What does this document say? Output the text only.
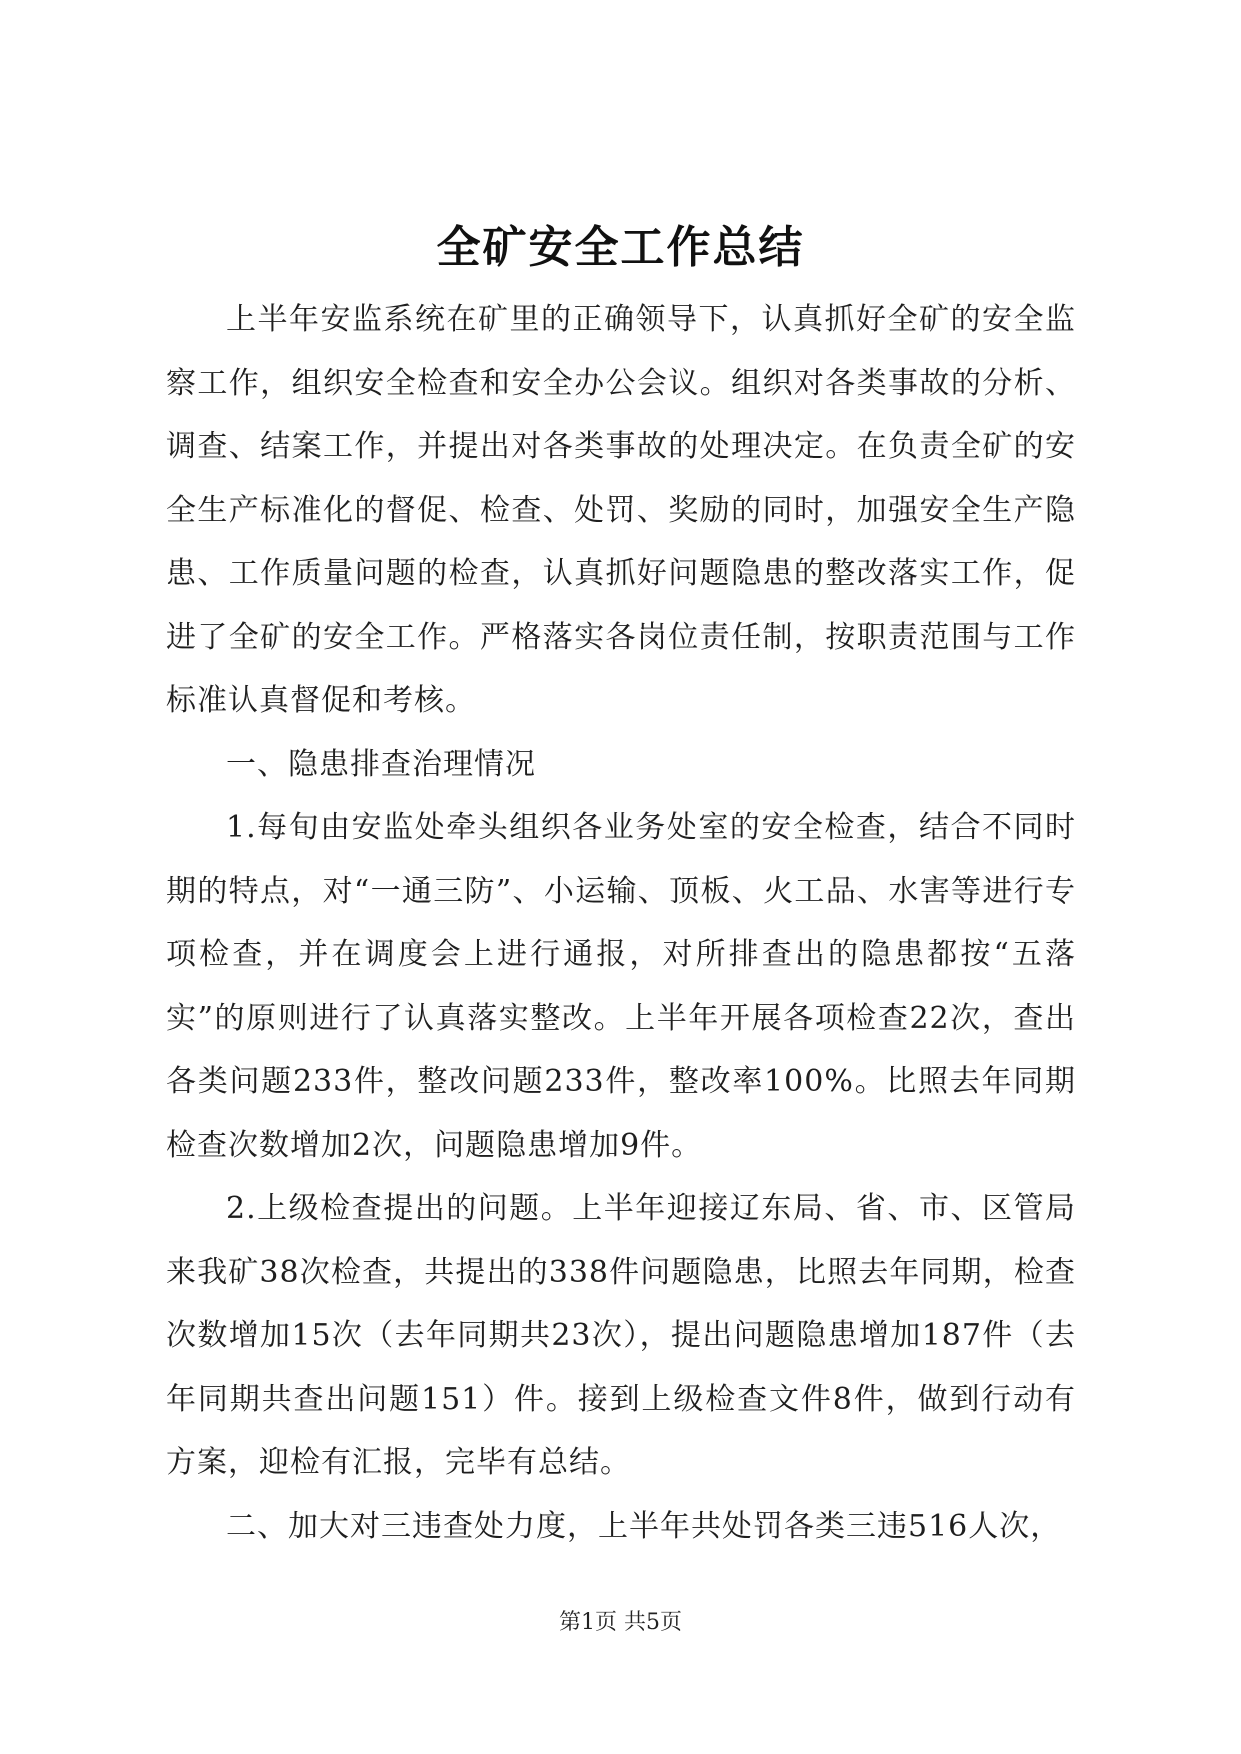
全矿安全工作总结

上半年安监系统在矿里的正确领导下，认真抓好全矿的安全监察工作，组织安全检查和安全办公会议。组织对各类事故的分析、调查、结案工作，并提出对各类事故的处理决定。在负责全矿的安全生产标准化的督促、检查、处罚、奖励的同时，加强安全生产隐患、工作质量问题的检查，认真抓好问题隐患的整改落实工作，促进了全矿的安全工作。严格落实各岗位责任制，按职责范围与工作标准认真督促和考核。

一、隐患排查治理情况

1.每旬由安监处牵头组织各业务处室的安全检查，结合不同时期的特点，对“一通三防”、小运输、顶板、火工品、水害等进行专项检查，并在调度会上进行通报，对所排查出的隐患都按“五落实”的原则进行了认真落实整改。上半年开展各项检查22次，查出各类问题233件，整改问题233件，整改率100%。比照去年同期检查次数增加2次，问题隐患增加9件。

2.上级检查提出的问题。上半年迎接辽东局、省、市、区管局来我矿38次检查，共提出的338件问题隐患，比照去年同期，检查次数增加15次（去年同期共23次），提出问题隐患增加187件（去年同期共查出问题151）件。接到上级检查文件8件，做到行动有方案，迎检有汇报，完毕有总结。

二、加大对三违查处力度，上半年共处罚各类三违516人次，

第1页 共5页
